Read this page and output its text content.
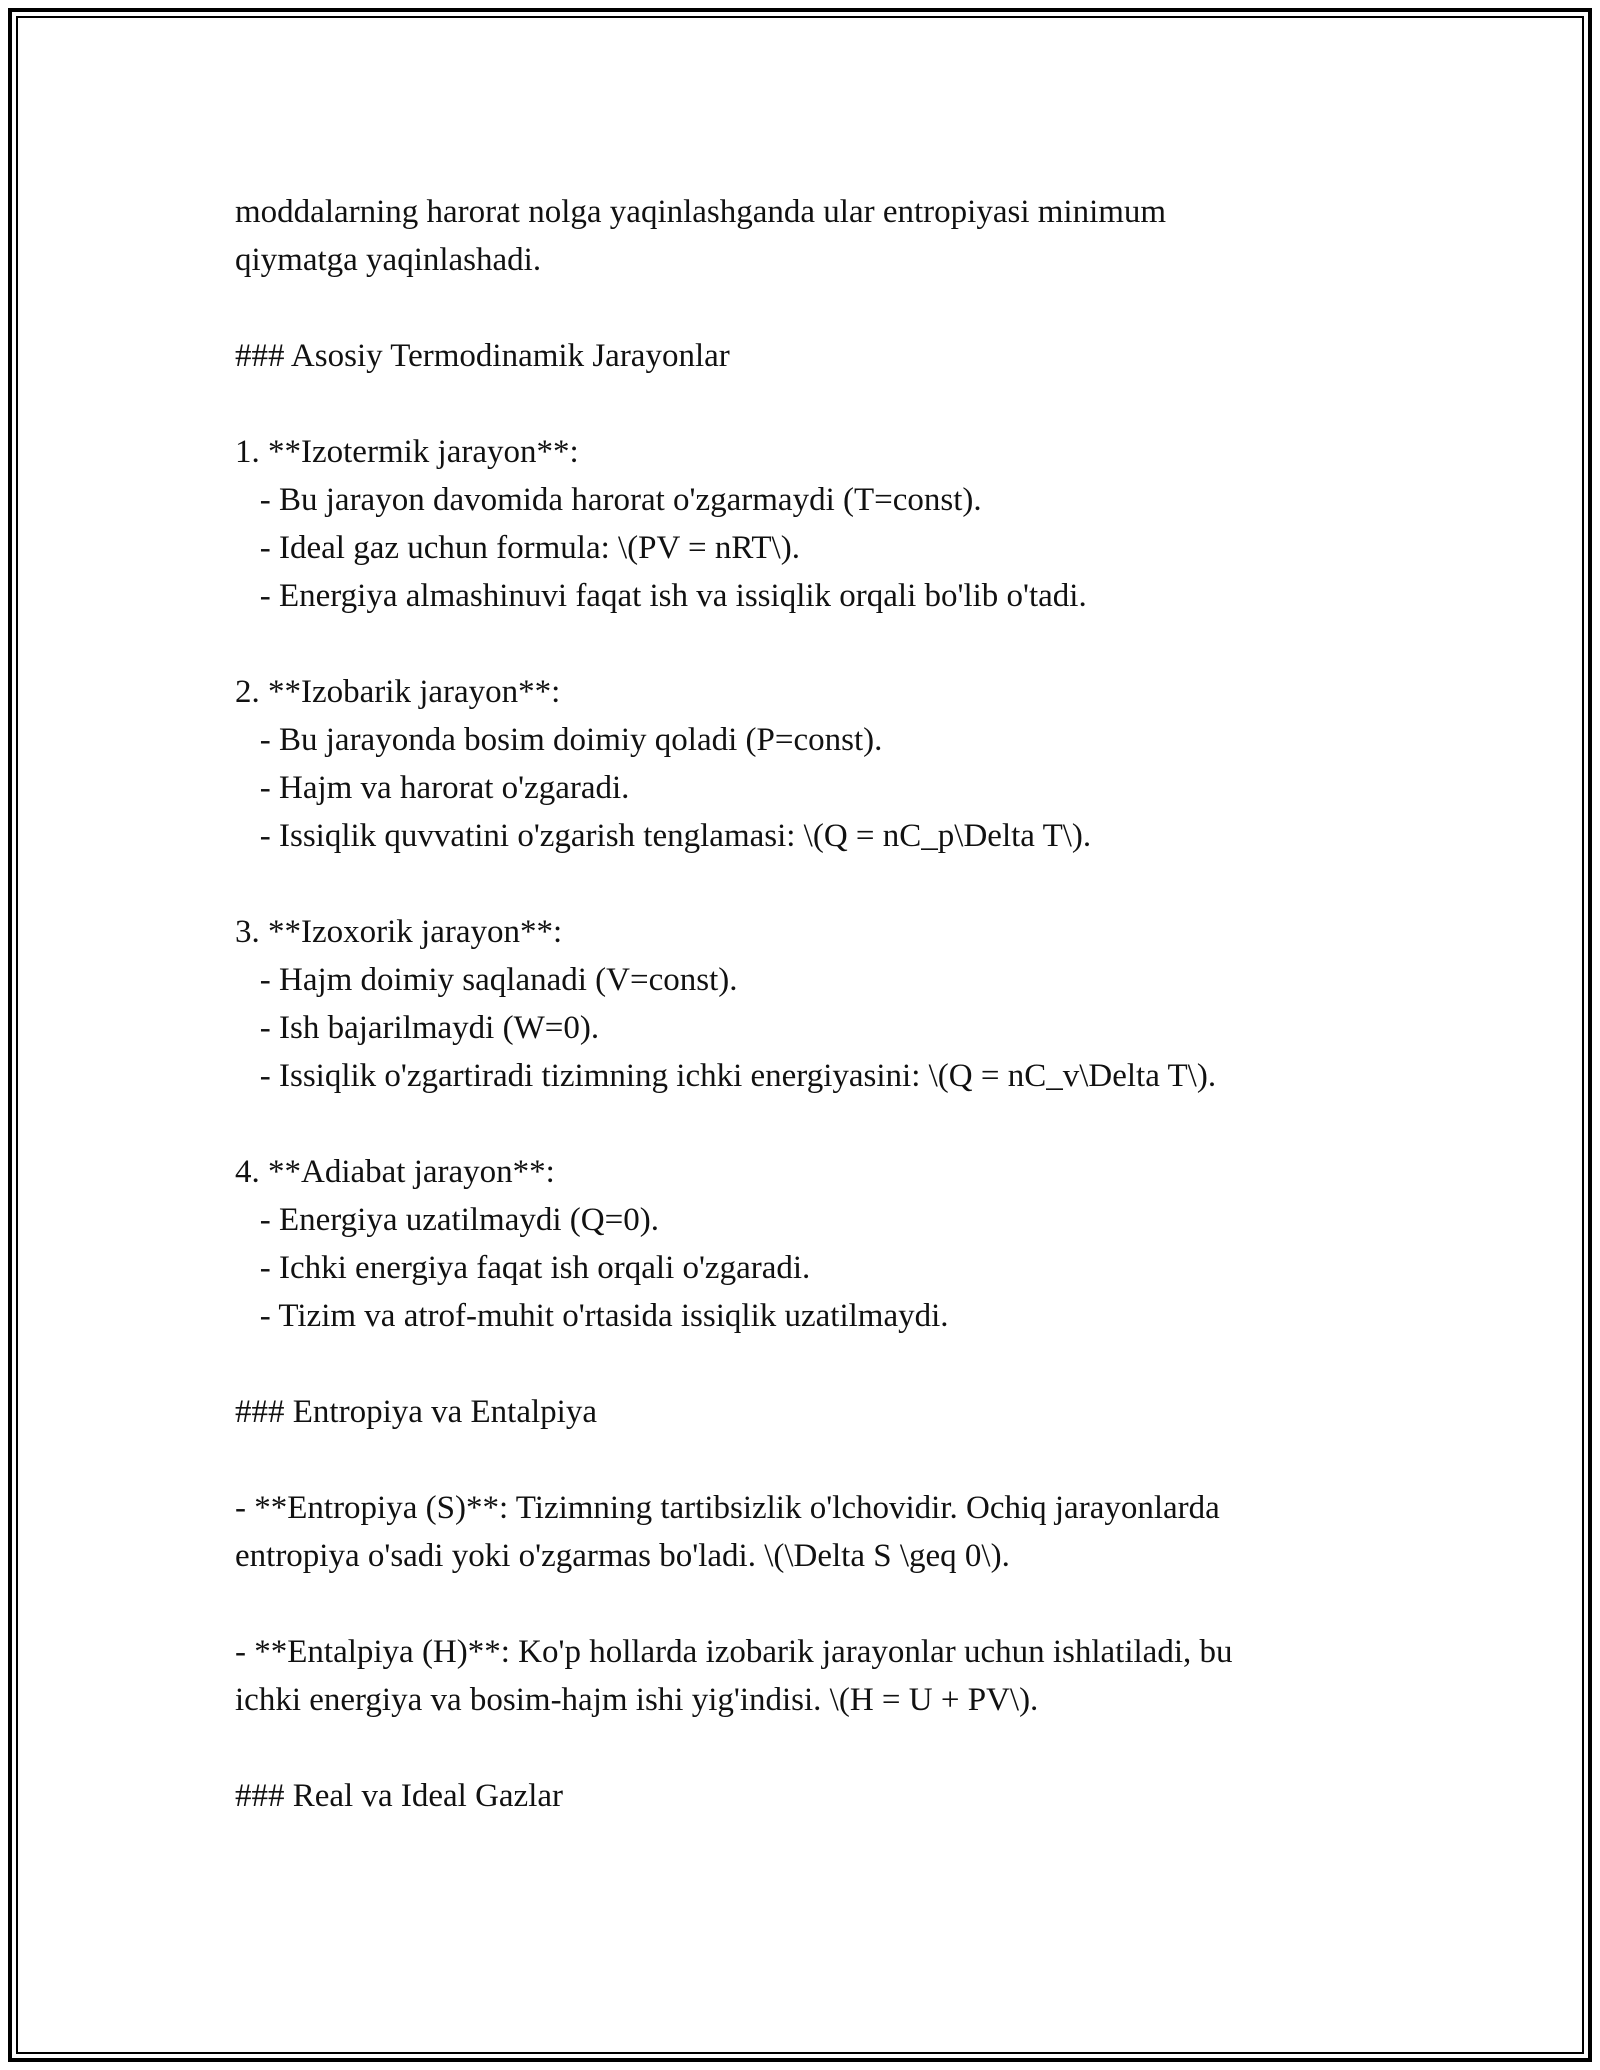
moddalarning harorat nolga yaqinlashganda ular entropiyasi minimum

qiymatga yaqinlashadi.

### Asosiy Termodinamik Jarayonlar

1. **Izotermik jarayon**:

- Bu jarayon davomida harorat o'zgarmaydi (T=const).

- Ideal gaz uchun formula: \(PV = nRT\).

- Energiya almashinuvi faqat ish va issiqlik orqali bo'lib o'tadi.

2. **Izobarik jarayon**:

- Bu jarayonda bosim doimiy qoladi (P=const).

- Hajm va harorat o'zgaradi.

- Issiqlik quvvatini o'zgarish tenglamasi: \(Q = nC_p\Delta T\).

3. **Izoxorik jarayon**:

- Hajm doimiy saqlanadi (V=const).

- Ish bajarilmaydi (W=0).

- Issiqlik o'zgartiradi tizimning ichki energiyasini: \(Q = nC_v\Delta T\).

4. **Adiabat jarayon**:

- Energiya uzatilmaydi (Q=0).

- Ichki energiya faqat ish orqali o'zgaradi.

- Tizim va atrof-muhit o'rtasida issiqlik uzatilmaydi.

### Entropiya va Entalpiya

- **Entropiya (S)**: Tizimning tartibsizlik o'lchovidir. Ochiq jarayonlarda

entropiya o'sadi yoki o'zgarmas bo'ladi. \(\Delta S \geq 0\).

- **Entalpiya (H)**: Ko'p hollarda izobarik jarayonlar uchun ishlatiladi, bu

ichki energiya va bosim-hajm ishi yig'indisi. \(H = U + PV\).

### Real va Ideal Gazlar
